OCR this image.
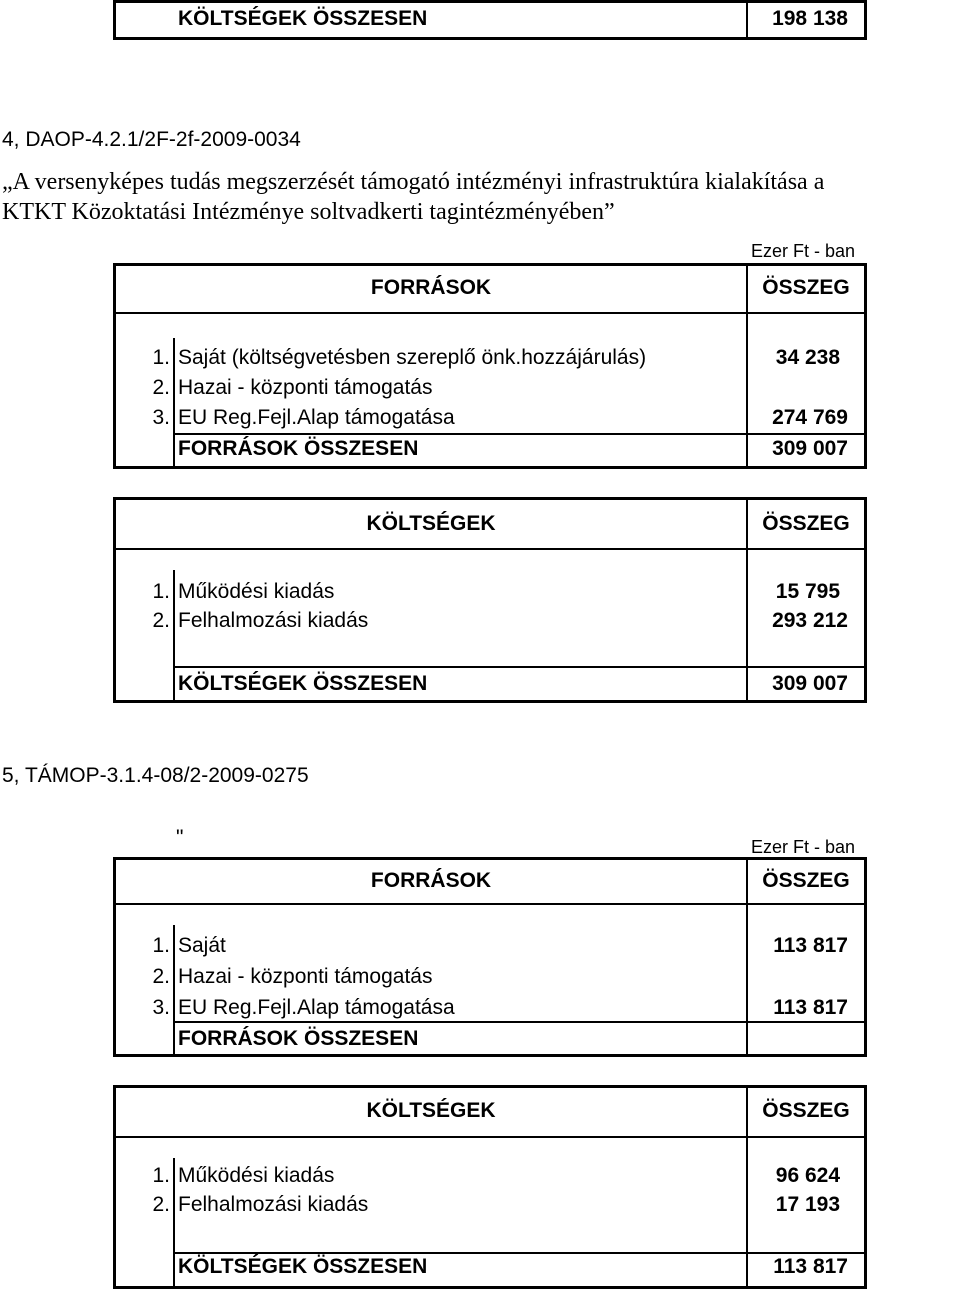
KÖLTSÉGEK ÖSSZESEN	198 138
4, DAOP-4.2.1/2F-2f-2009-0034
„A versenyképes tudás megszerzését támogató intézményi infrastruktúra kialakítása a
KTKT Közoktatási Intézménye soltvadkerti tagintézményében”
Ezer Ft - ban
FORRÁSOK	ÖSSZEG
1. Saját (költségvetésben szereplő önk.hozzájárulás)	34 238
2. Hazai - központi támogatás
3. EU Reg.Fejl.Alap támogatása	274 769
FORRÁSOK ÖSSZESEN	309 007
KÖLTSÉGEK	ÖSSZEG
1. Működési kiadás	15 795
2. Felhalmozási kiadás	293 212
KÖLTSÉGEK ÖSSZESEN	309 007
5, TÁMOP-3.1.4-08/2-2009-0275
"	Ezer Ft - ban
FORRÁSOK	ÖSSZEG
1. Saját	113 817
2. Hazai - központi támogatás
3. EU Reg.Fejl.Alap támogatása	113 817
FORRÁSOK ÖSSZESEN
KÖLTSÉGEK	ÖSSZEG
1. Működési kiadás	96 624
2. Felhalmozási kiadás	17 193
KÖLTSÉGEK ÖSSZESEN	113 817
